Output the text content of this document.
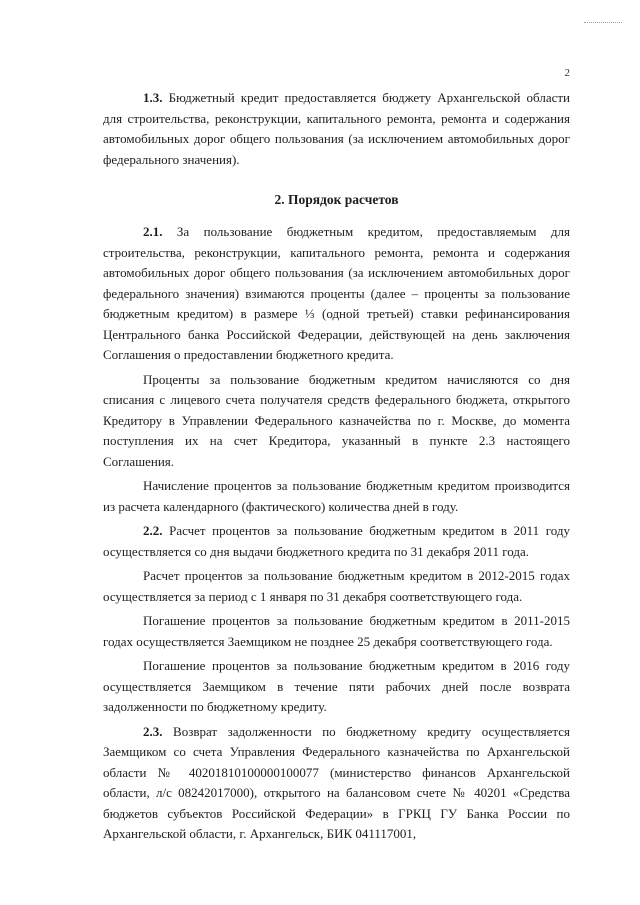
2

1.3. Бюджетный кредит предоставляется бюджету Архангельской области для строительства, реконструкции, капитального ремонта, ремонта и содержания автомобильных дорог общего пользования (за исключением автомобильных дорог федерального значения).

2. Порядок расчетов

2.1. За пользование бюджетным кредитом, предоставляемым для строительства, реконструкции, капитального ремонта, ремонта и содержания автомобильных дорог общего пользования (за исключением автомобильных дорог федерального значения) взимаются проценты (далее – проценты за пользование бюджетным кредитом) в размере ⅓ (одной третьей) ставки рефинансирования Центрального банка Российской Федерации, действующей на день заключения Соглашения о предоставлении бюджетного кредита.

Проценты за пользование бюджетным кредитом начисляются со дня списания с лицевого счета получателя средств федерального бюджета, открытого Кредитору в Управлении Федерального казначейства по г. Москве, до момента поступления их на счет Кредитора, указанный в пункте 2.3 настоящего Соглашения.

Начисление процентов за пользование бюджетным кредитом производится из расчета календарного (фактического) количества дней в году.

2.2. Расчет процентов за пользование бюджетным кредитом в 2011 году осуществляется со дня выдачи бюджетного кредита по 31 декабря 2011 года.

Расчет процентов за пользование бюджетным кредитом в 2012-2015 годах осуществляется за период с 1 января по 31 декабря соответствующего года.

Погашение процентов за пользование бюджетным кредитом в 2011-2015 годах осуществляется Заемщиком не позднее 25 декабря соответствующего года.

Погашение процентов за пользование бюджетным кредитом в 2016 году осуществляется Заемщиком в течение пяти рабочих дней после возврата задолженности по бюджетному кредиту.

2.3. Возврат задолженности по бюджетному кредиту осуществляется Заемщиком со счета Управления Федерального казначейства по Архангельской области № 40201810100000100077 (министерство финансов Архангельской области, л/с 08242017000), открытого на балансовом счете № 40201 «Средства бюджетов субъектов Российской Федерации» в ГРКЦ ГУ Банка России по Архангельской области, г. Архангельск, БИК 041117001,
